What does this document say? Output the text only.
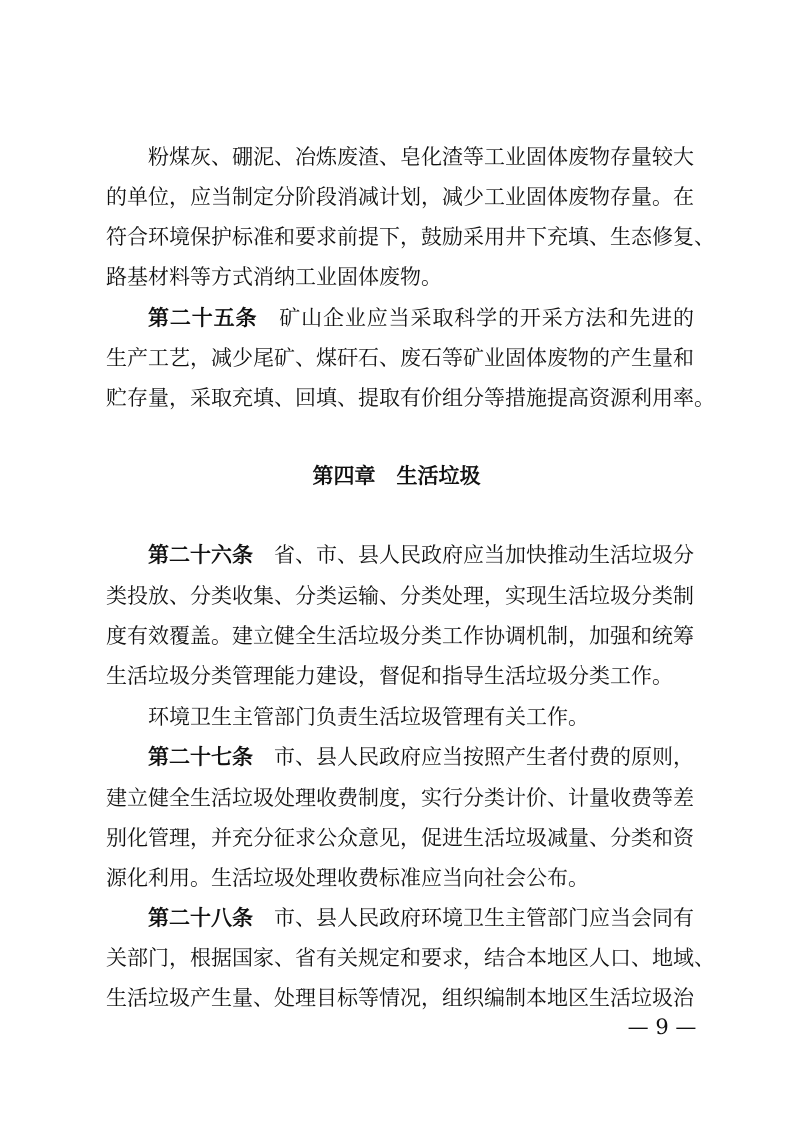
粉煤灰、硼泥、冶炼废渣、皂化渣等工业固体废物存量较大
的单位，应当制定分阶段消减计划，减少工业固体废物存量。在
符合环境保护标准和要求前提下，鼓励采用井下充填、生态修复、
路基材料等方式消纳工业固体废物。
第二十五条　 矿山企业应当采取科学的开采方法和先进的
生产工艺，减少尾矿、煤矸石、废石等矿业固体废物的产生量和
贮存量，采取充填、回填、提取有价组分等措施提高资源利用率。
第四章　生活垃圾
第二十六条　 省、市、县人民政府应当加快推动生活垃圾分
类投放、分类收集、分类运输、分类处理，实现生活垃圾分类制
度有效覆盖。建立健全生活垃圾分类工作协调机制，加强和统筹
生活垃圾分类管理能力建设，督促和指导生活垃圾分类工作。
环境卫生主管部门负责生活垃圾管理有关工作。
第二十七条　 市、县人民政府应当按照产生者付费的原则，
建立健全生活垃圾处理收费制度，实行分类计价、计量收费等差
别化管理，并充分征求公众意见，促进生活垃圾减量、分类和资
源化利用。生活垃圾处理收费标准应当向社会公布。
第二十八条　 市、县人民政府环境卫生主管部门应当会同有
关部门，根据国家、省有关规定和要求，结合本地区人口、地域、
生活垃圾产生量、处理目标等情况，组织编制本地区生活垃圾治
— 9 —
